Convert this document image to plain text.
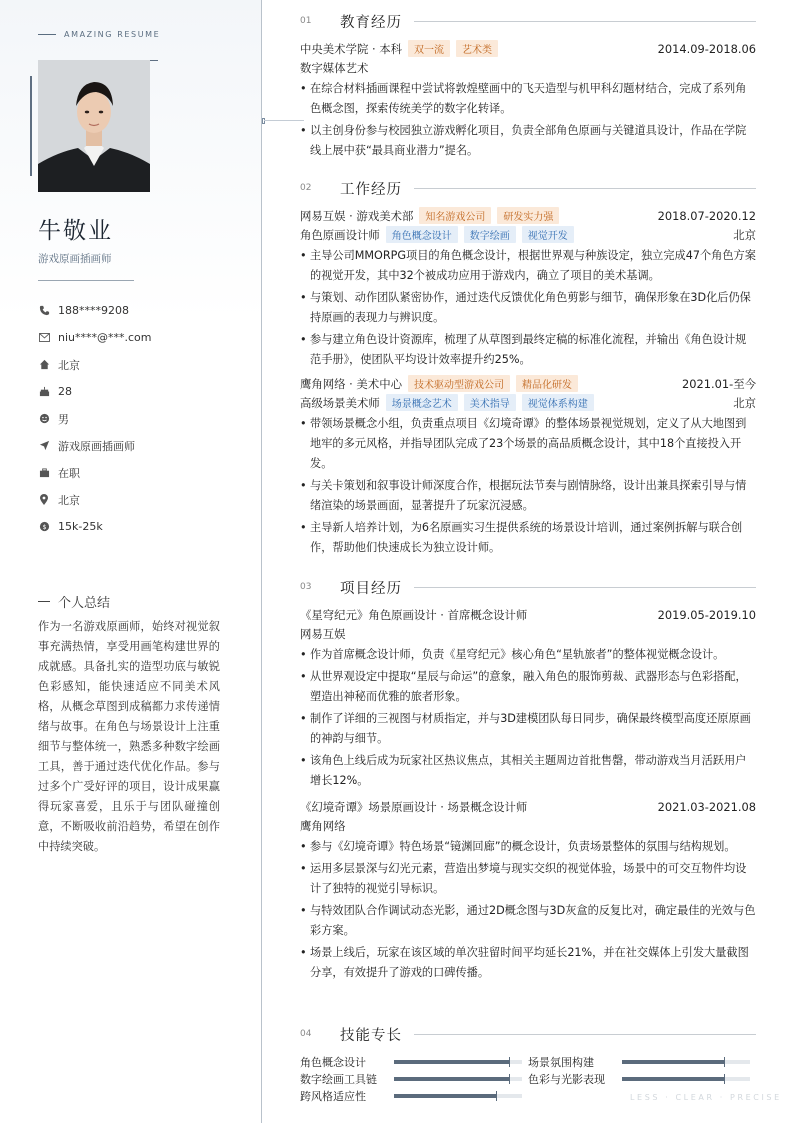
AMAZING RESUME
牛敬业
游戏原画插画师
188****9208
niu****@***.com
北京
28
男
游戏原画插画师
在职
北京
$ 15k-25k
个人总结
作为一名游戏原画师，始终对视觉叙事充满热情，享受用画笔构建世界的成就感。具备扎实的造型功底与敏锐色彩感知，能快速适应不同美术风格，从概念草图到成稿都力求传递情绪与故事。在角色与场景设计上注重细节与整体统一，熟悉多种数字绘画工具，善于通过迭代优化作品。参与过多个广受好评的项目，设计成果赢得玩家喜爱，且乐于与团队碰撞创意，不断吸收前沿趋势，希望在创作中持续突破。
01	教育经历
中央美术学院 · 本科	双一流	艺术类	2014.09-2018.06
数字媒体艺术
• 在综合材料插画课程中尝试将敦煌壁画中的飞天造型与机甲科幻题材结合，完成了系列角色概念图，探索传统美学的数字化转译。
• 以主创身份参与校园独立游戏孵化项目，负责全部角色原画与关键道具设计，作品在学院线上展中获“最具商业潜力”提名。
02	工作经历
网易互娱 · 游戏美术部	知名游戏公司	研发实力强	2018.07-2020.12
角色原画设计师	角色概念设计	数字绘画	视觉开发	北京
• 主导公司MMORPG项目的角色概念设计，根据世界观与种族设定，独立完成47个角色方案的视觉开发，其中32个被成功应用于游戏内，确立了项目的美术基调。
• 与策划、动作团队紧密协作，通过迭代反馈优化角色剪影与细节，确保形象在3D化后仍保持原画的表现力与辨识度。
• 参与建立角色设计资源库，梳理了从草图到最终定稿的标准化流程，并输出《角色设计规范手册》，使团队平均设计效率提升约25%。
鹰角网络 · 美术中心	技术驱动型游戏公司	精品化研发	2021.01-至今
高级场景美术师	场景概念艺术	美术指导	视觉体系构建	北京
• 带领场景概念小组，负责重点项目《幻境奇谭》的整体场景视觉规划，定义了从大地图到地牢的多元风格，并指导团队完成了23个场景的高品质概念设计，其中18个直接投入开发。
• 与关卡策划和叙事设计师深度合作，根据玩法节奏与剧情脉络，设计出兼具探索引导与情绪渲染的场景画面，显著提升了玩家沉浸感。
• 主导新人培养计划，为6名原画实习生提供系统的场景设计培训，通过案例拆解与联合创作，帮助他们快速成长为独立设计师。
03	项目经历
《星穹纪元》角色原画设计 · 首席概念设计师	2019.05-2019.10
网易互娱
• 作为首席概念设计师，负责《星穹纪元》核心角色“星轨旅者”的整体视觉概念设计。
• 从世界观设定中提取“星辰与命运”的意象，融入角色的服饰剪裁、武器形态与色彩搭配，塑造出神秘而优雅的旅者形象。
• 制作了详细的三视图与材质指定，并与3D建模团队每日同步，确保最终模型高度还原原画的神韵与细节。
• 该角色上线后成为玩家社区热议焦点，其相关主题周边首批售罄，带动游戏当月活跃用户增长12%。
《幻境奇谭》场景原画设计 · 场景概念设计师	2021.03-2021.08
鹰角网络
• 参与《幻境奇谭》特色场景“镜渊回廊”的概念设计，负责场景整体的氛围与结构规划。
• 运用多层景深与幻光元素，营造出梦境与现实交织的视觉体验，场景中的可交互物件均设计了独特的视觉引导标识。
• 与特效团队合作调试动态光影，通过2D概念图与3D灰盒的反复比对，确定最佳的光效与色彩方案。
• 场景上线后，玩家在该区域的单次驻留时间平均延长21%，并在社交媒体上引发大量截图分享，有效提升了游戏的口碑传播。
04	技能专长
角色概念设计	场景氛围构建
数字绘画工具链	色彩与光影表现
跨风格适应性	LESS · CLEAR · PRECISE
